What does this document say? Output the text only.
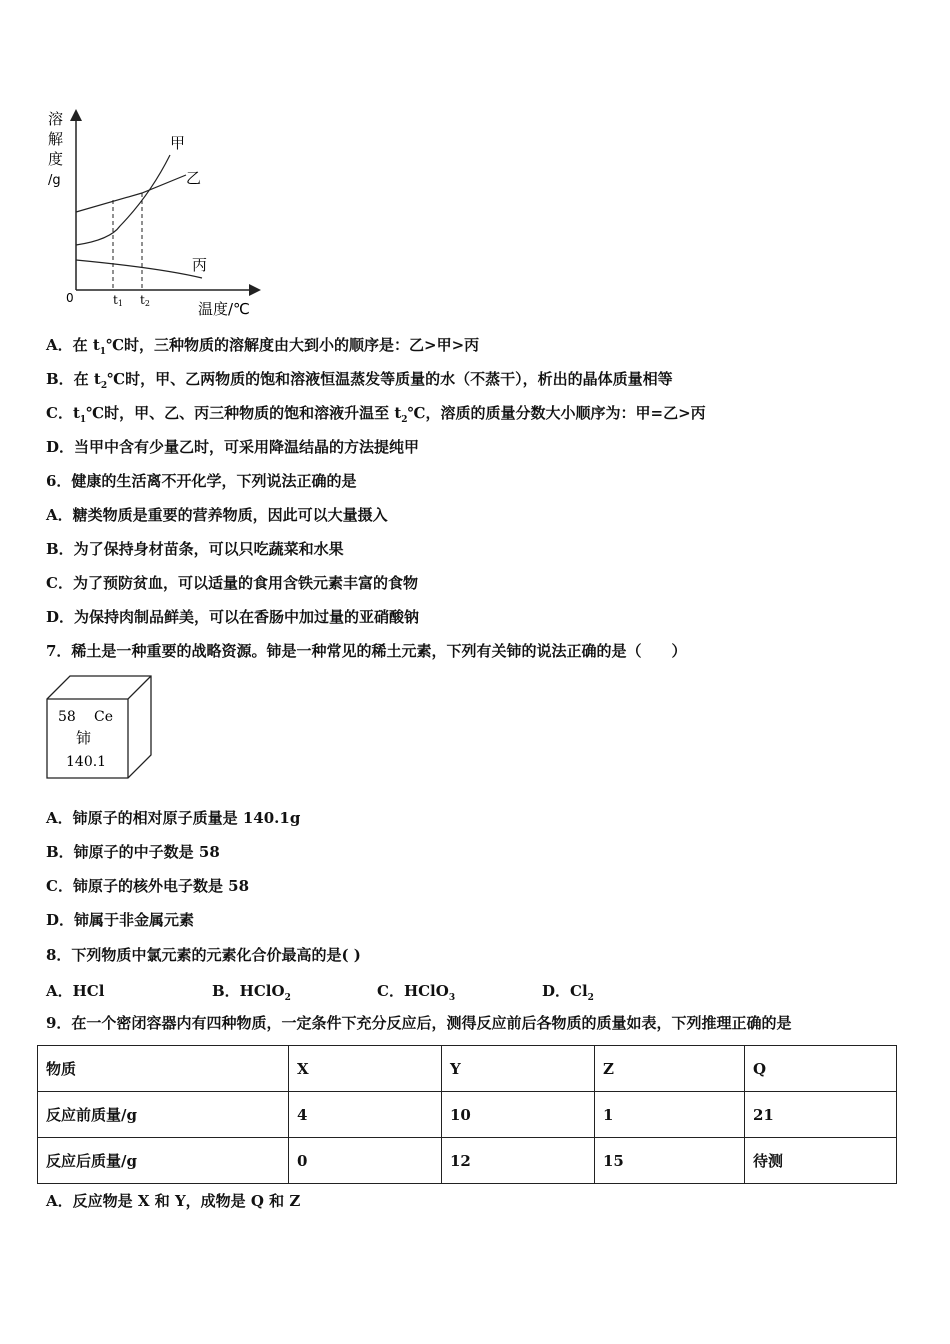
溶
解
度
/g
0	t1 t2	温度/℃
甲
乙
丙
A．在 $t_1℃$时，三种物质的溶解度由大到小的顺序是：乙>甲>丙
B．在 $t_2℃$时，甲、乙两物质的饱和溶液恒温蒸发等质量的水（不蒸干），析出的晶体质量相等
C．$t_1℃$时，甲、乙、丙三种物质的饱和溶液升温至 $t_2℃$，溶质的质量分数大小顺序为：甲=乙>丙
D．当甲中含有少量乙时，可采用降温结晶的方法提纯甲
6．健康的生活离不开化学，下列说法正确的是
A．糖类物质是重要的营养物质，因此可以大量摄入
B．为了保持身材苗条，可以只吃蔬菜和水果
C．为了预防贫血，可以适量的食用含铁元素丰富的食物
D．为保持肉制品鲜美，可以在香肠中加过量的亚硝酸钠
7．稀土是一种重要的战略资源。铈是一种常见的稀土元素，下列有关铈的说法正确的是（　　）
58 Ce
铈
140.1
A．铈原子的相对原子质量是 140.1g
B．铈原子的中子数是 58
C．铈原子的核外电子数是 58
D．铈属于非金属元素
8．下列物质中氯元素的元素化合价最高的是( )
A．HCl	B．HClO$_2$	C．HClO$_3$	D．$Cl_2$
9．在一个密闭容器内有四种物质，一定条件下充分反应后，测得反应前后各物质的质量如表，下列推理正确的是
物质	X	Y	Z	Q
反应前质量/g	4	10	1	21
反应后质量/g	0	12	15	待测
A．反应物是 X 和 Y，成物是 Q 和 Z
